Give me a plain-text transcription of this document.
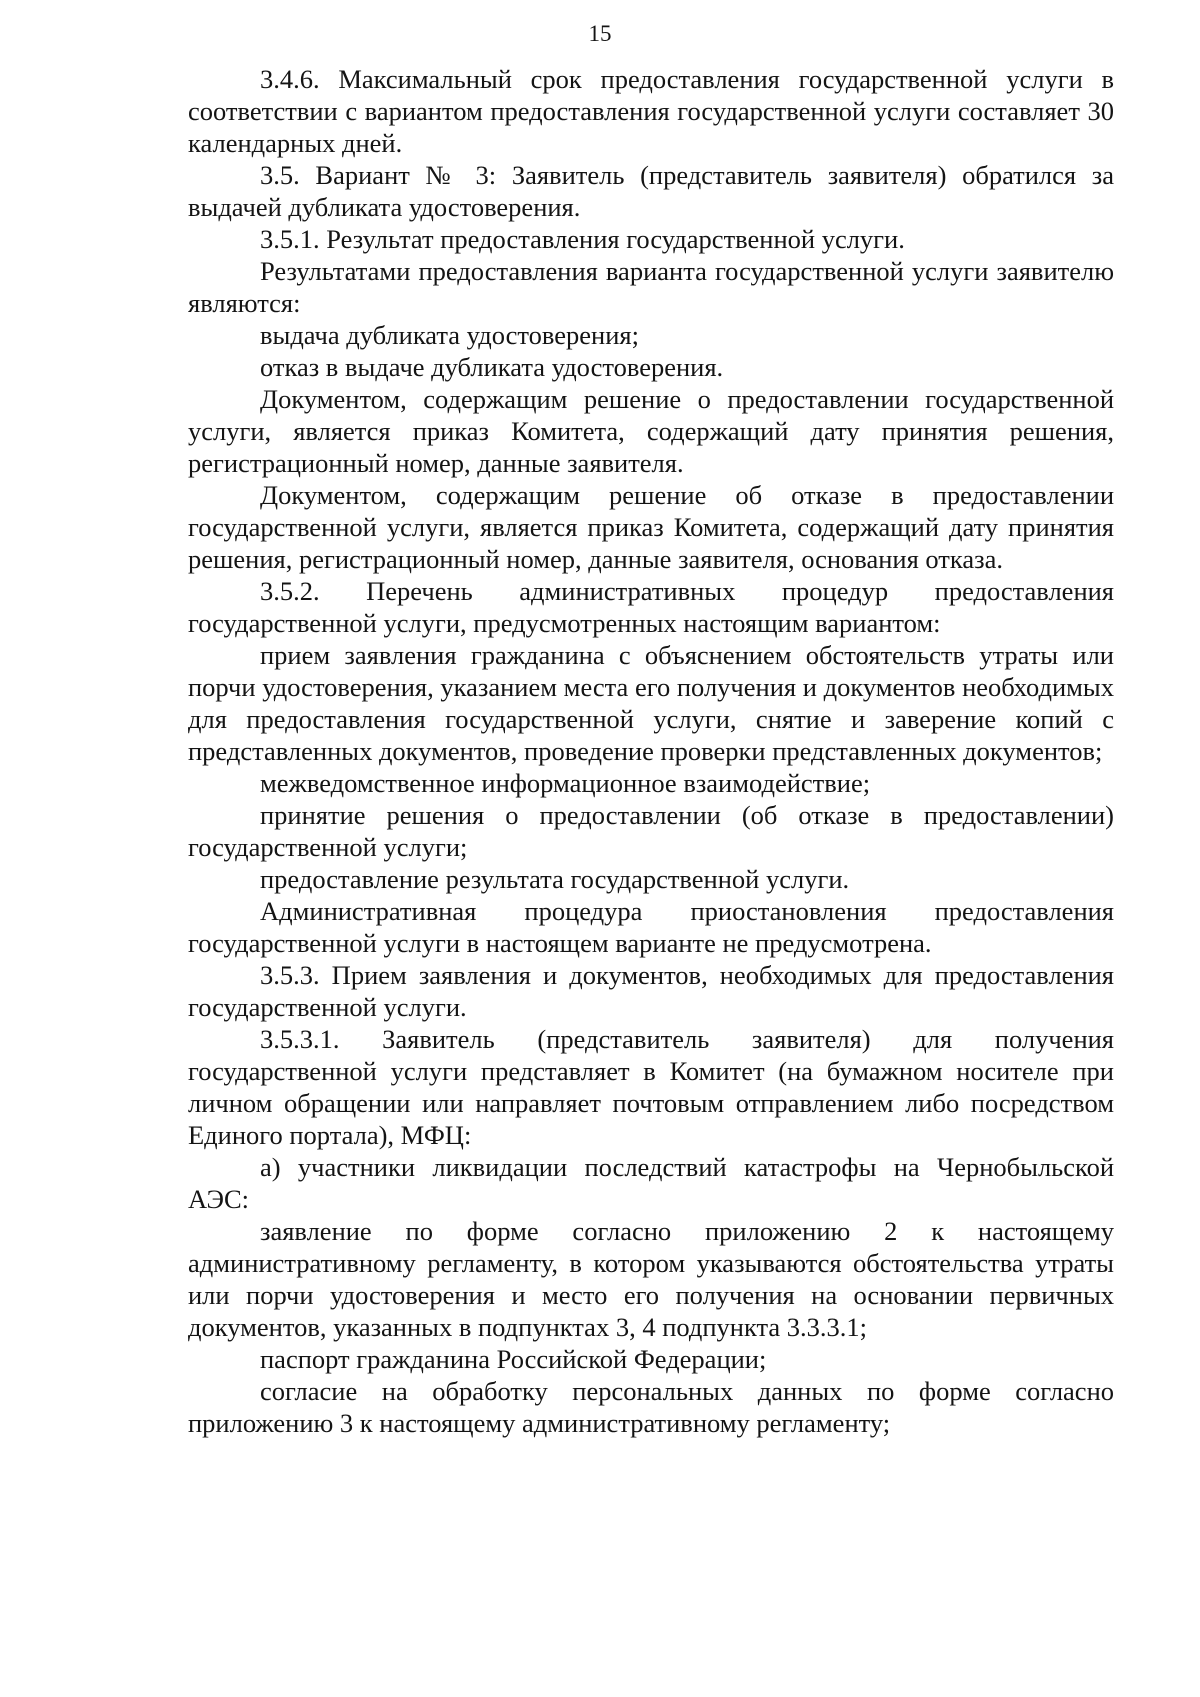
15

3.4.6. Максимальный срок предоставления государственной услуги в соответствии с вариантом предоставления государственной услуги составляет 30 календарных дней.

3.5. Вариант № 3: Заявитель (представитель заявителя) обратился за выдачей дубликата удостоверения.

3.5.1. Результат предоставления государственной услуги.

Результатами предоставления варианта государственной услуги заявителю являются:

выдача дубликата удостоверения;

отказ в выдаче дубликата удостоверения.

Документом, содержащим решение о предоставлении государственной услуги, является приказ Комитета, содержащий дату принятия решения, регистрационный номер, данные заявителя.

Документом, содержащим решение об отказе в предоставлении государственной услуги, является приказ Комитета, содержащий дату принятия решения, регистрационный номер, данные заявителя, основания отказа.

3.5.2. Перечень административных процедур предоставления государственной услуги, предусмотренных настоящим вариантом:

прием заявления гражданина с объяснением обстоятельств утраты или порчи удостоверения, указанием места его получения и документов необходимых для предоставления государственной услуги, снятие и заверение копий с представленных документов, проведение проверки представленных документов;

межведомственное информационное взаимодействие;

принятие решения о предоставлении (об отказе в предоставлении) государственной услуги;

предоставление результата государственной услуги.

Административная процедура приостановления предоставления государственной услуги в настоящем варианте не предусмотрена.

3.5.3. Прием заявления и документов, необходимых для предоставления государственной услуги.

3.5.3.1. Заявитель (представитель заявителя) для получения государственной услуги представляет в Комитет (на бумажном носителе при личном обращении или направляет почтовым отправлением либо посредством Единого портала), МФЦ:

а) участники ликвидации последствий катастрофы на Чернобыльской АЭС:

заявление по форме согласно приложению 2 к настоящему административному регламенту, в котором указываются обстоятельства утраты или порчи удостоверения и место его получения на основании первичных документов, указанных в подпунктах 3, 4 подпункта 3.3.3.1;

паспорт гражданина Российской Федерации;

согласие на обработку персональных данных по форме согласно приложению 3 к настоящему административному регламенту;
